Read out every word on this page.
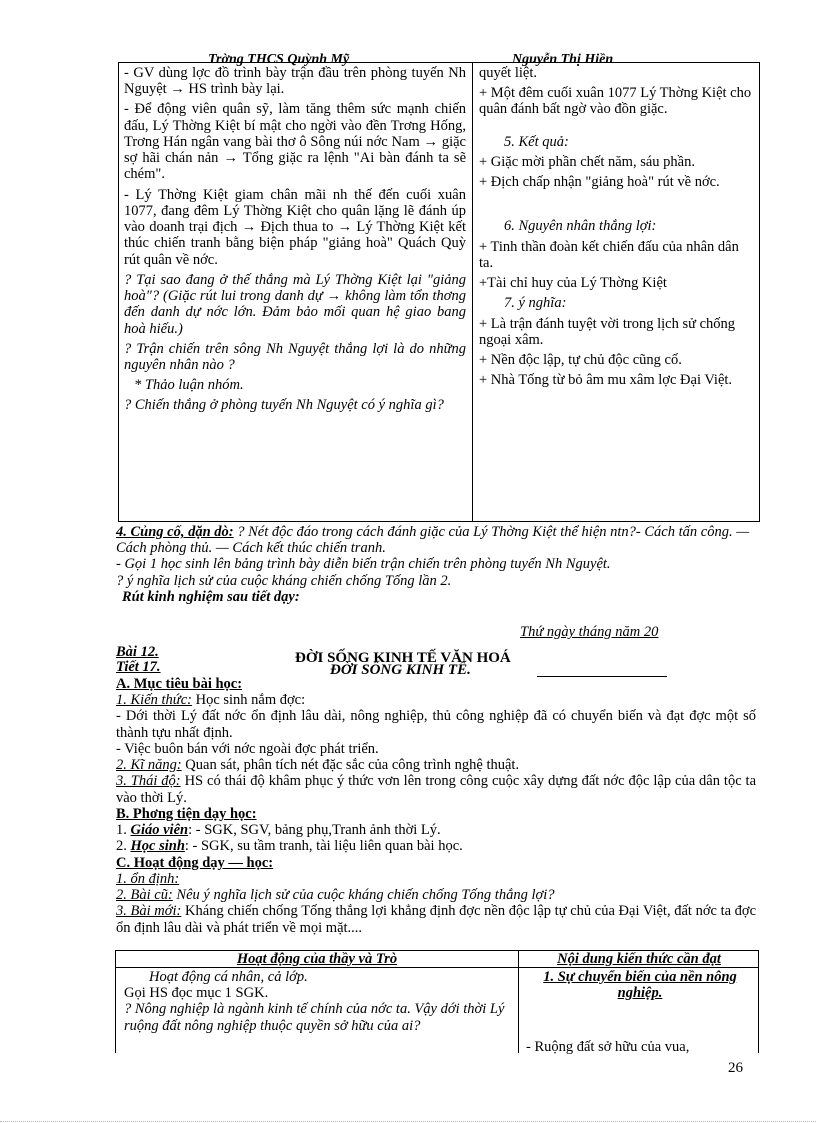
Trờng THCS Quỳnh Mỹ	Nguyễn Thị Hiền

- GV dùng lợc đồ trình bày trận đầu trên phòng tuyến Nh Nguyệt → HS trình bày lại.

- Để động viên quân sỹ, làm tăng thêm sức mạnh chiến đấu, Lý Thờng Kiệt bí mật cho ngời vào đền Trơng Hống, Trơng Hán ngân vang bài thơ ô Sông núi nớc Nam → giặc sợ hãi chán nản → Tổng giặc ra lệnh "Ai bàn đánh ta sẽ chém".

- Lý Thờng Kiệt giam chân mãi nh thế đến cuối xuân 1077, đang đêm Lý Thờng Kiệt cho quân lặng lẽ đánh úp vào doanh trại địch → Địch thua to → Lý Thờng Kiệt kết thúc chiến tranh bằng biện pháp "giảng hoà" Quách Quỳ rút quân về nớc.

? Tại sao đang ở thế thắng mà Lý Thờng Kiệt lại "giảng hoà"? (Giặc rút lui trong danh dự → không làm tổn thơng đến danh dự nớc lớn. Đảm bảo mối quan hệ giao bang hoà hiếu.)

? Trận chiến trên sông Nh Nguyệt thắng lợi là do những nguyên nhân nào ?

* Thảo luận nhóm.

? Chiến thắng ở phòng tuyến Nh Nguyệt có ý nghĩa gì?

quyết liệt.

+ Một đêm cuối xuân 1077 Lý Thờng Kiệt cho quân đánh bất ngờ vào đồn giặc.

5. Kết quả:

+ Giặc mời phần chết năm, sáu phần.

+ Địch chấp nhận "giảng hoà" rút về nớc.

6. Nguyên nhân thắng lợi:

+ Tinh thần đoàn kết chiến đấu của nhân dân ta.

+Tài chỉ huy của Lý Thờng Kiệt

7. ý nghĩa:

+ Là trận đánh tuyệt vời trong lịch sử chống ngoại xâm.

+ Nền độc lập, tự chủ độc cũng cố.

+ Nhà Tống từ bỏ âm mu xâm lợc Đại Việt.

4. Củng cố, dặn dò: ? Nét độc đáo trong cách đánh giặc của Lý Thờng Kiệt thể hiện ntn?- Cách tấn công. — Cách phòng thủ. — Cách kết thúc chiến tranh.
- Gọi 1 học sinh lên bảng trình bày diễn biến trận chiến trên phòng tuyến Nh Nguyệt.
? ý nghĩa lịch sử của cuộc kháng chiến chống Tống lần 2.
Rút kinh nghiệm sau tiết dạy:
Thứ ngày tháng năm 20
Bài 12.
Tiết 17.
ĐỜI SỐNG KINH TẾ VĂN HOÁ
ĐỜI SỐNG KINH TẾ.
A. Mục tiêu bài học:
1. Kiến thức: Học sinh nắm đợc:
- Dới thời Lý đất nớc ổn định lâu dài, nông nghiệp, thủ công nghiệp đã có chuyển biến và đạt đợc một số thành tựu nhất định.
- Việc buôn bán với nớc ngoài đợc phát triển.
2. Kĩ năng: Quan sát, phân tích nét đặc sắc của công trình nghệ thuật.
3. Thái độ: HS có thái độ khâm phục ý thức vơn lên trong công cuộc xây dựng đất nớc độc lập của dân tộc ta vào thời Lý.
B. Phơng tiện dạy học:
1. Giáo viên: - SGK, SGV, bảng phụ,Tranh ảnh thời Lý.
2. Học sinh: - SGK, su tầm tranh, tài liệu liên quan bài học.
C. Hoạt động dạy — học:
1. ổn định:
2. Bài cũ: Nêu ý nghĩa lịch sử của cuộc kháng chiến chống Tống thắng lợi?
3. Bài mới: Kháng chiến chống Tống thắng lợi khẳng định đợc nền độc lập tự chủ của Đại Việt, đất nớc ta đợc ổn định lâu dài và phát triển về mọi mặt....
Hoạt động của thầy và Trò	Nội dung kiến thức cần đạt
Hoạt động cá nhân, cả lớp.
Gọi HS đọc mục 1 SGK.
? Nông nghiệp là ngành kinh tế chính của nớc ta. Vậy dới thời Lý ruộng đất nông nghiệp thuộc quyền sở hữu của ai?
1. Sự chuyển biến của nền nông nghiệp.
- Ruộng đất sở hữu của vua,
26
